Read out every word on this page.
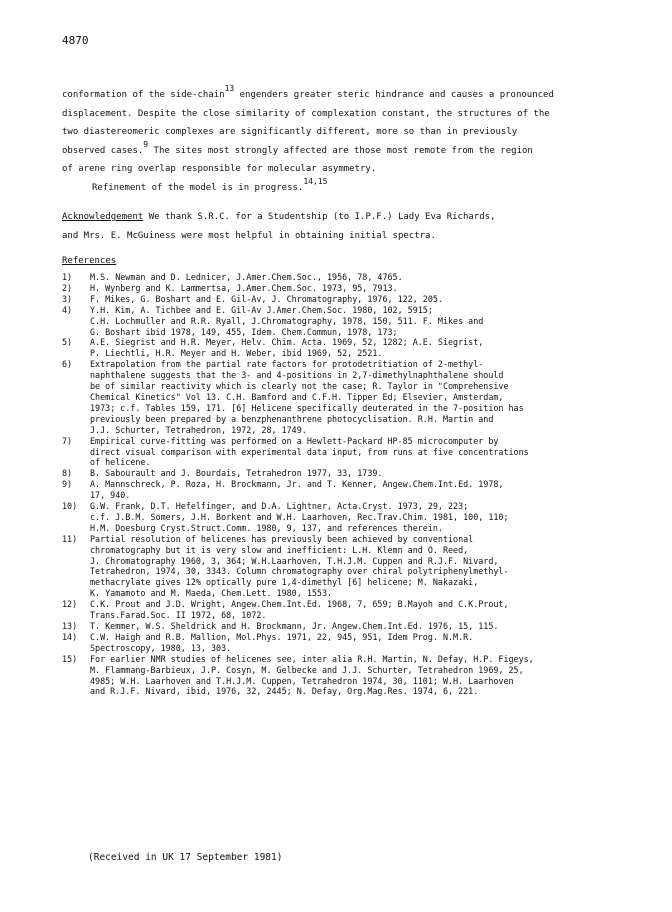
4870
conformation of the side-chain$^{13}$ engenders greater steric hindrance and causes a pronounced
displacement. Despite the close similarity of complexation constant, the structures of the
two diastereomeric complexes are significantly different, more so than in previously
observed cases.$^9$ The sites most strongly affected are those most remote from the region
of arene ring overlap responsible for molecular asymmetry.
Refinement of the model is in progress.$^{14,15}$
Acknowledgement We thank S.R.C. for a Studentship (to I.P.F.) Lady Eva Richards,
and Mrs. E. McGuiness were most helpful in obtaining initial spectra.
References
1)	M.S. Newman and D. Lednicer, J.Amer.Chem.Soc., 1956, 78, 4765.
2)	H. Wynberg and K. Lammertsa, J.Amer.Chem.Soc. 1973, 95, 7913.
3)	F. Mikes, G. Boshart and E. Gil-Av, J. Chromatography, 1976, 122, 205.
4)	Y.H. Kim, A. Tichbee and E. Gil-Av J.Amer.Chem.Soc. 1980, 102, 5915;
C.H. Lochmuller and R.R. Ryall, J.Chromatography, 1978, 150, 511. F. Mikes and
G. Boshart ibid 1978, 149, 455, Idem. Chem.Commun, 1978, 173;
5)	A.E. Siegrist and H.R. Meyer, Helv. Chim. Acta. 1969, 52, 1282; A.E. Siegrist,
P. Liechtli, H.R. Meyer and H. Weber, ibid 1969, 52, 2521.
6)	Extrapolation from the partial rate factors for protodetritiation of 2-methyl-
naphthalene suggests that the 3- and 4-positions in 2,7-dimethylnaphthalene should
be of similar reactivity which is clearly not the case; R. Taylor in "Comprehensive
Chemical Kinetics" Vol 13. C.H. Bamford and C.F.H. Tipper Ed; Elsevier, Amsterdam,
1973; c.f. Tables 159, 171. [6] Helicene specifically deuterated in the 7-position has
previously been prepared by a benzphenanthrene photocyclisation. R.H. Martin and
J.J. Schurter, Tetrahedron, 1972, 28, 1749.
7)	Empirical curve-fitting was performed on a Hewlett-Packard HP-85 microcomputer by
direct visual comparison with experimental data input, from runs at five concentrations
of helicene.
8)	B. Sabourault and J. Bourdais, Tetrahedron 1977, 33, 1739.
9)	A. Mannschreck, P. Roza, H. Brockmann, Jr. and T. Kenner, Angew.Chem.Int.Ed. 1978,
17, 940.
10)	G.W. Frank, D.T. Hefelfinger, and D.A. Lightner, Acta.Cryst. 1973, 29, 223;
c.f. J.B.M. Somers, J.H. Borkent and W.H. Laarhoven, Rec.Trav.Chim. 1981, 100, 110;
H.M. Doesburg Cryst.Struct.Comm. 1980, 9, 137, and references therein.
11)	Partial resolution of helicenes has previously been achieved by conventional
chromatography but it is very slow and inefficient: L.H. Klemn and O. Reed,
J. Chromatography 1960, 3, 364; W.H.Laarhoven, T.H.J.M. Cuppen and R.J.F. Nivard,
Tetrahedron, 1974, 30, 3343. Column chromatography over chiral polytriphenylmethyl-
methacrylate gives 12% optically pure 1,4-dimethyl [6] helicene; M. Nakazaki,
K. Yamamoto and M. Maeda, Chem.Lett. 1980, 1553.
12)	C.K. Prout and J.D. Wright, Angew.Chem.Int.Ed. 1968, 7, 659; B.Mayoh and C.K.Prout,
Trans.Farad.Soc. II 1972, 68, 1072.
13)	T. Kemmer, W.S. Sheldrick and H. Brockmann, Jr. Angew.Chem.Int.Ed. 1976, 15, 115.
14)	C.W. Haigh and R.B. Mallion, Mol.Phys. 1971, 22, 945, 951, Idem Prog. N.M.R.
Spectroscopy, 1980, 13, 303.
15)	For earlier NMR studies of helicenes see, inter alia R.H. Martin, N. Defay, H.P. Figeys,
M. Flammang-Barbieux, J.P. Cosyn, M. Gelbecke and J.J. Schurter, Tetrahedron 1969, 25,
4985; W.H. Laarhoven and T.H.J.M. Cuppen, Tetrahedron 1974, 30, 1101; W.H. Laarhoven
and R.J.F. Nivard, ibid, 1976, 32, 2445; N. Defay, Org.Mag.Res. 1974, 6, 221.
(Received in UK 17 September 1981)
